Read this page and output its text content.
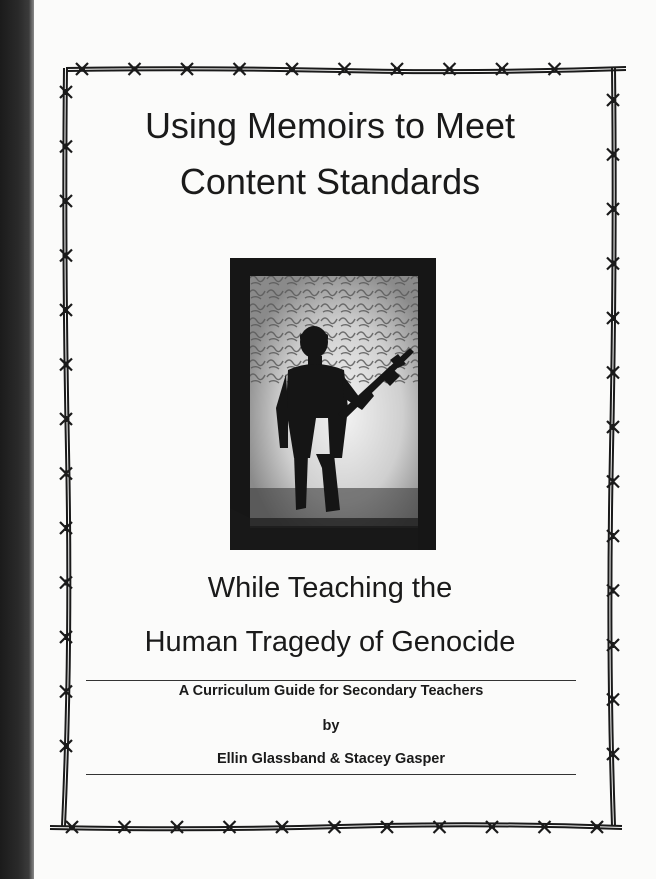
Using Memoirs to Meet
Content Standards
While Teaching the
Human Tragedy of Genocide
A Curriculum Guide for Secondary Teachers
by
Ellin Glassband & Stacey Gasper
